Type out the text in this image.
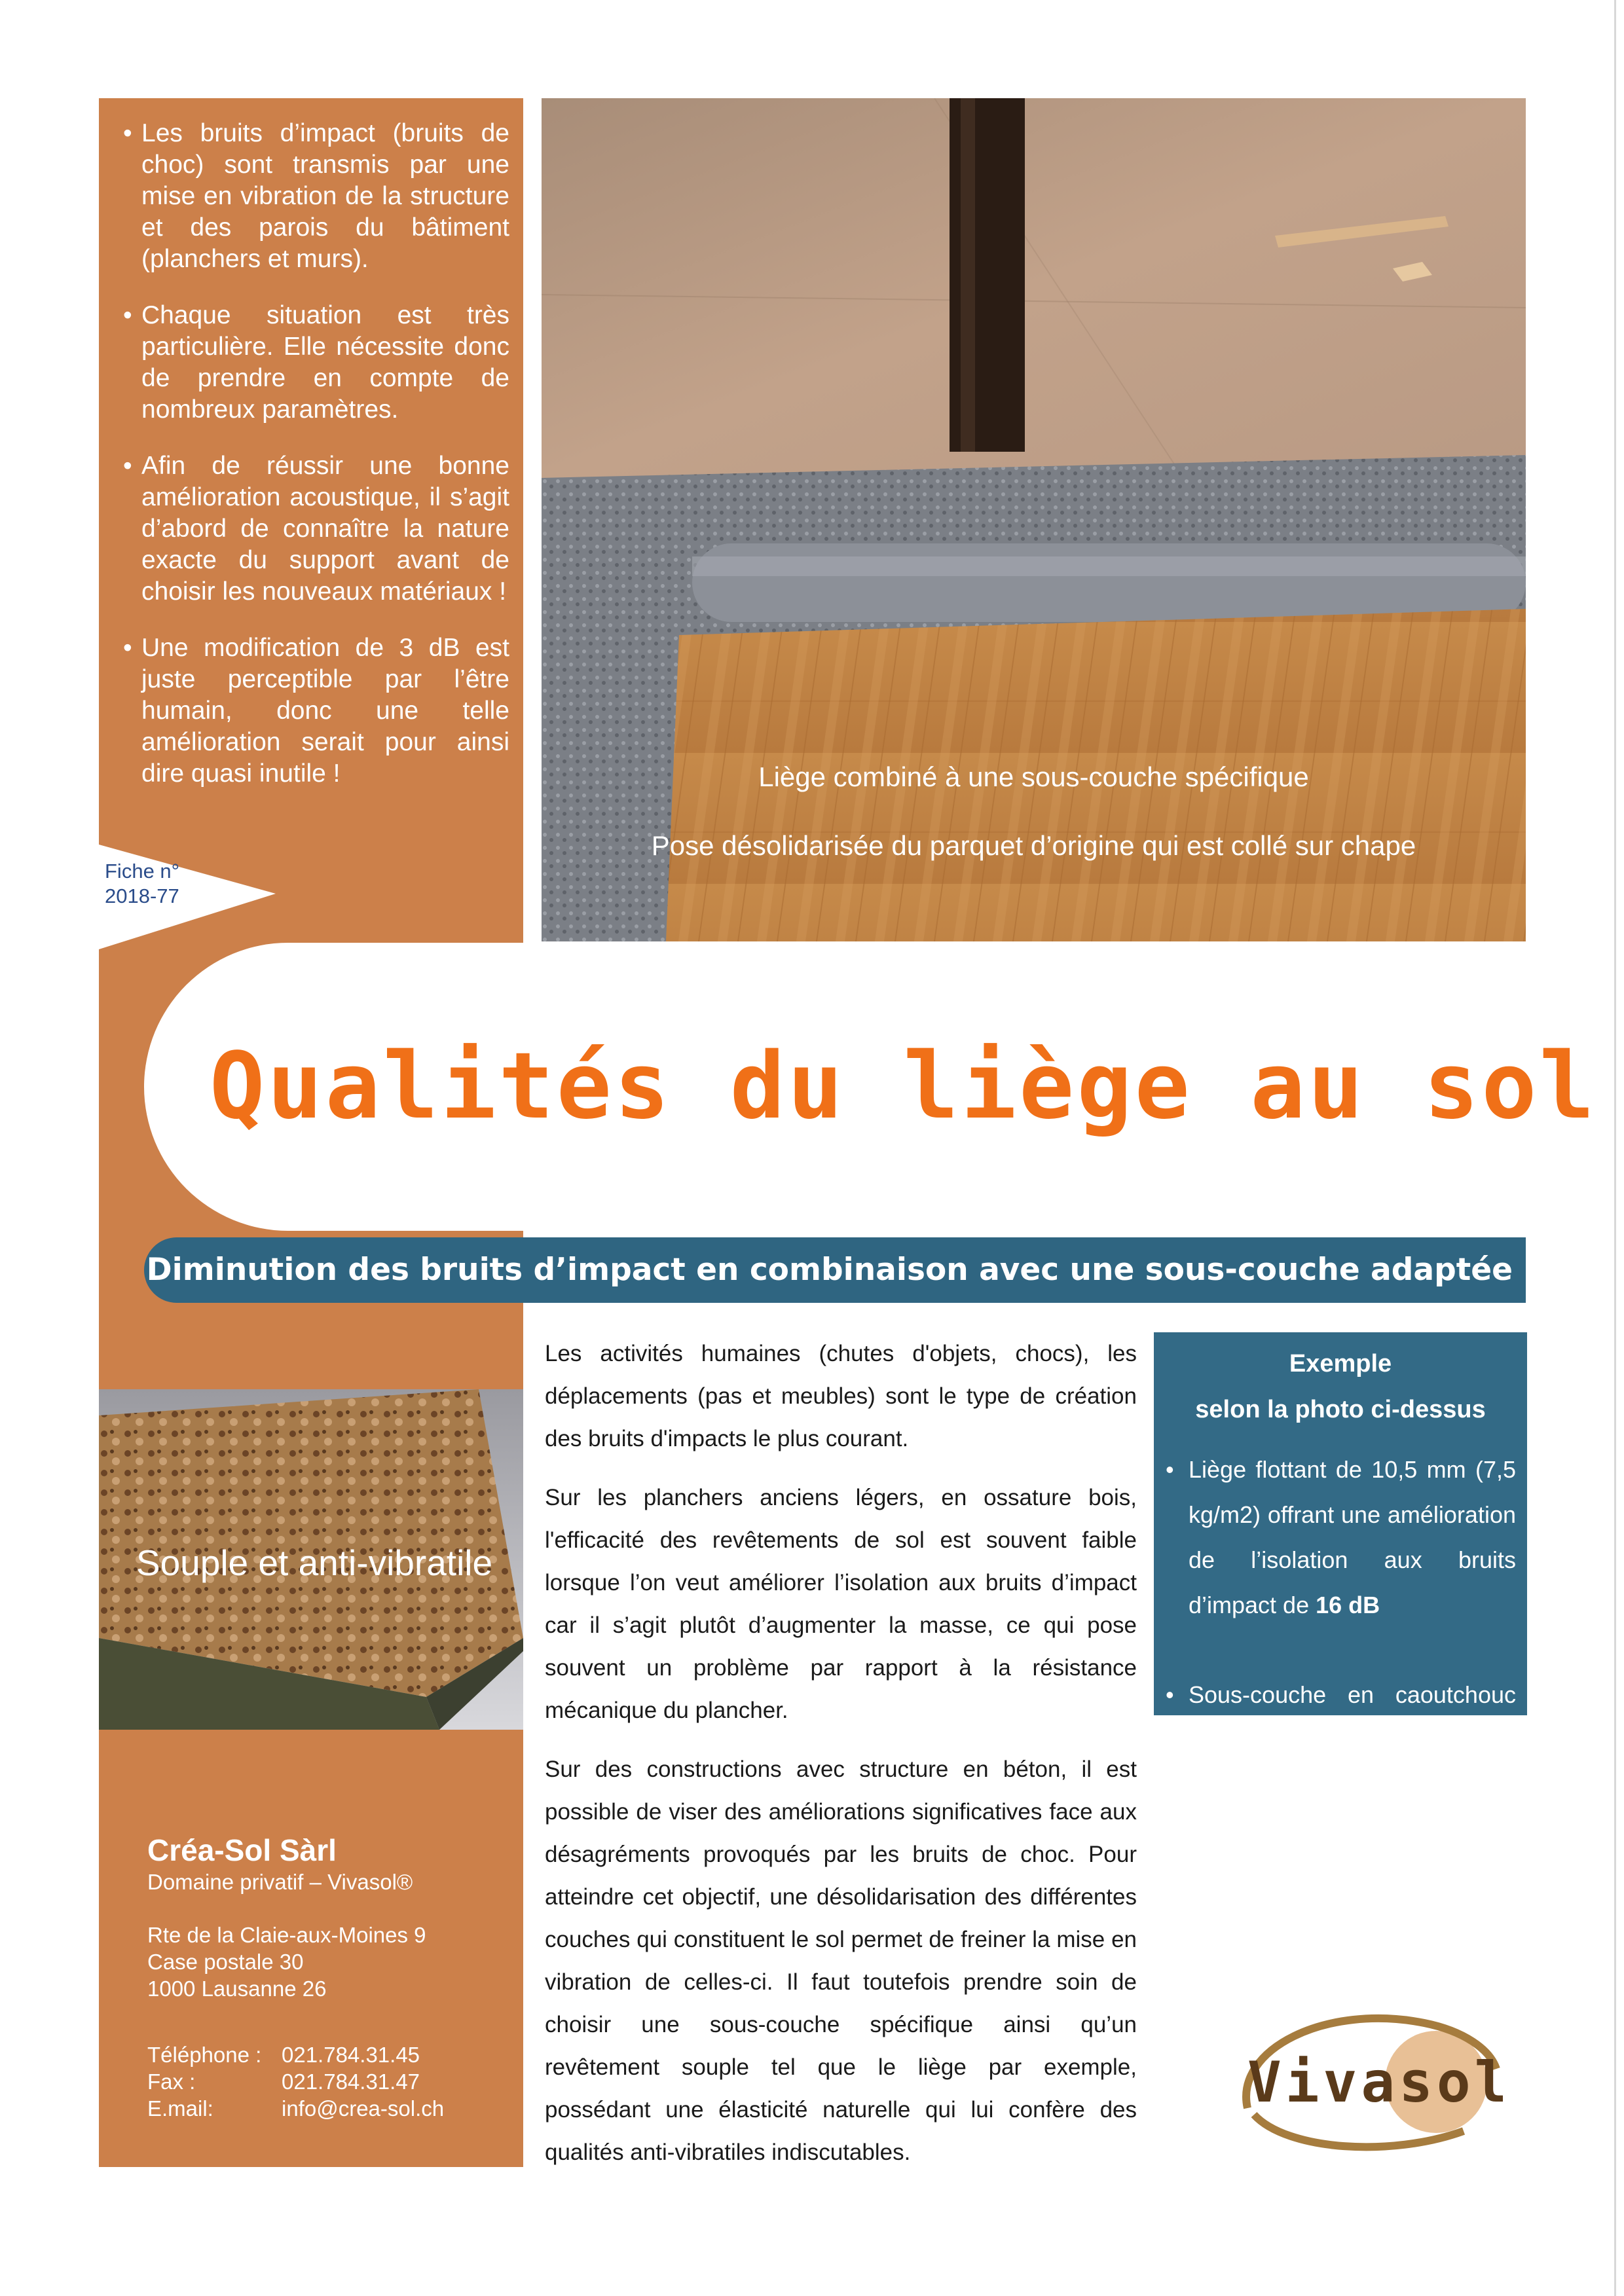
• Les bruits d’impact (bruits de choc) sont transmis par une mise en vibration de la structure et des parois du bâtiment (planchers et murs).
• Chaque situation est très particulière. Elle nécessite donc de prendre en compte de nombreux paramètres.
• Afin de réussir une bonne amélioration acoustique, il s’agit d’abord de connaître la nature exacte du support avant de choisir les nouveaux matériaux !
• Une modification de 3 dB est juste perceptible par l’être humain, donc une telle amélioration serait pour ainsi dire quasi inutile !
Fiche n°
2018-77
Liège combiné à une sous-couche spécifique
Pose désolidarisée du parquet d’origine qui est collé sur chape
Qualités du liège au sol
Diminution des bruits d’impact en combinaison avec une sous-couche adaptée
Souple et anti-vibratile
Créa-Sol Sàrl
Domaine privatif – Vivasol®
Rte de la Claie-aux-Moines 9
Case postale 30
1000 Lausanne 26
Téléphone : 021.784.31.45
Fax :	021.784.31.47
E.mail:	info@crea-sol.ch

Les activités humaines (chutes d'objets, chocs), les déplacements (pas et meubles) sont le type de création des bruits d'impacts le plus courant.

Sur les planchers anciens légers, en ossature bois, l'efficacité des revêtements de sol est souvent faible lorsque l’on veut améliorer l’isolation aux bruits d’impact car il s’agit plutôt d’augmenter la masse, ce qui pose souvent un problème par rapport à la résistance mécanique du plancher.

Sur des constructions avec structure en béton, il est possible de viser des améliorations significatives face aux désagréments provoqués par les bruits de choc. Pour atteindre cet objectif, une désolidarisation des différentes couches qui constituent le sol permet de freiner la mise en vibration de celles-ci. Il faut toutefois prendre soin de choisir une sous-couche spécifique ainsi qu’un revêtement souple tel que le liège par exemple, possédant une élasticité naturelle qui lui confère des qualités anti-vibratiles indiscutables.

Exemple
selon la photo ci-dessus
• Liège flottant de 10,5 mm (7,5 kg/m2) offrant une amélioration de l’isolation aux bruits d’impact de 16 dB
• Sous-couche en caoutchouc éponge de 3,75 mm (2,54 kg/m2) offrant une absorption des bruits d’impact de 24 dB
Vivasol
